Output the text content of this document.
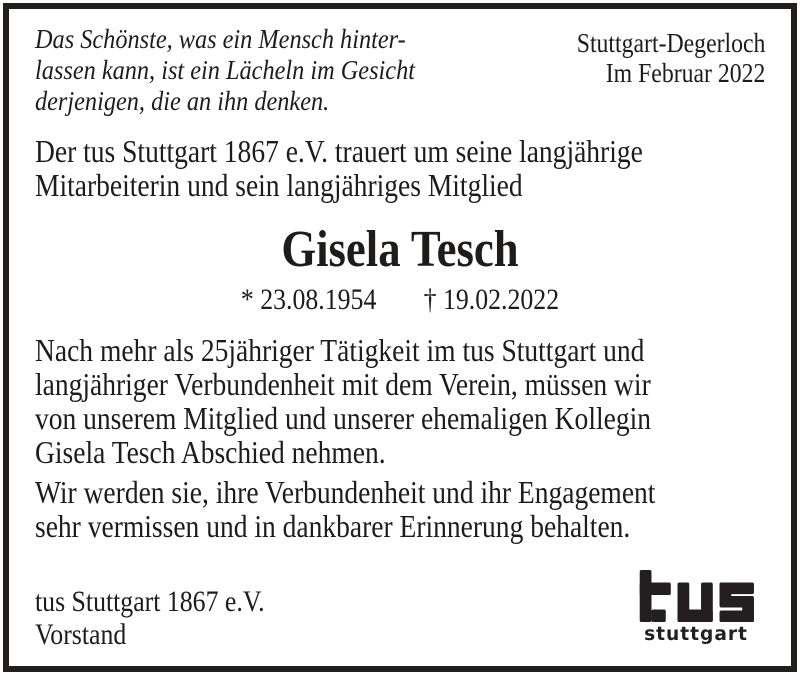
Das Schönste, was ein Mensch hinter-
lassen kann, ist ein Lächeln im Gesicht
derjenigen, die an ihn denken.
Stuttgart-Degerloch
Im Februar 2022
Der tus Stuttgart 1867 e.V. trauert um seine langjährige
Mitarbeiterin und sein langjähriges Mitglied
Gisela Tesch
* 23.08.1954 † 19.02.2022
Nach mehr als 25jähriger Tätigkeit im tus Stuttgart und
langjähriger Verbundenheit mit dem Verein, müssen wir
von unserem Mitglied und unserer ehemaligen Kollegin
Gisela Tesch Abschied nehmen.
Wir werden sie, ihre Verbundenheit und ihr Engagement
sehr vermissen und in dankbarer Erinnerung behalten.
tus Stuttgart 1867 e.V.
Vorstand	stuttgart
